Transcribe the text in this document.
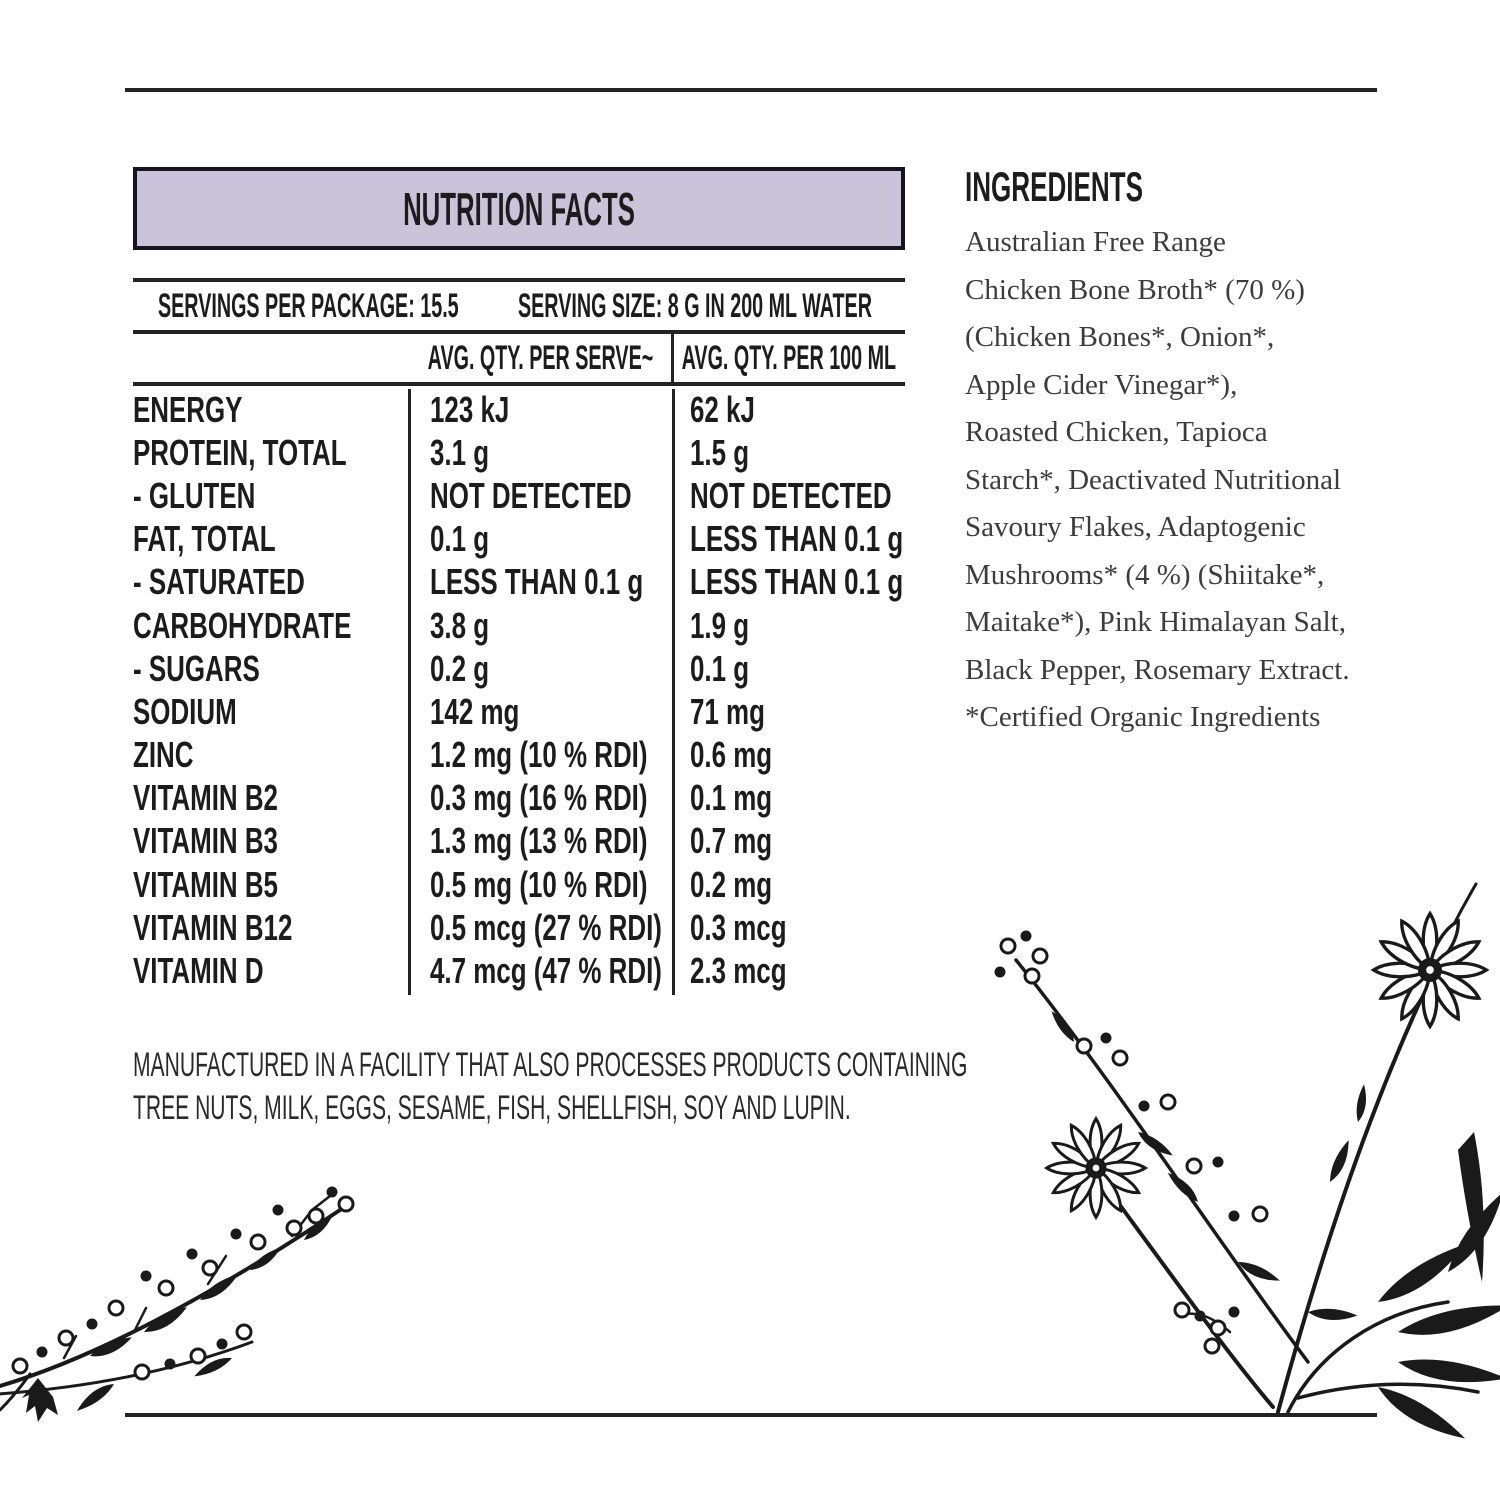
NUTRITION FACTS
SERVINGS PER PACKAGE: 15.5 SERVING SIZE: 8 G IN 200 ML WATER
AVG. QTY. PER SERVE~ AVG. QTY. PER 100 ML
ENERGY	123 kJ	62 kJ
PROTEIN, TOTAL 3.1 g	1.5 g
- GLUTEN	NOT DETECTED NOT DETECTED
FAT, TOTAL	0.1 g	LESS THAN 0.1 g
- SATURATED	LESS THAN 0.1 g LESS THAN 0.1 g
CARBOHYDRATE 3.8 g	1.9 g
- SUGARS	0.2 g	0.1 g
SODIUM	142 mg	71 mg
ZINC	1.2 mg (10 % RDI) 0.6 mg
VITAMIN B2	0.3 mg (16 % RDI) 0.1 mg
VITAMIN B3	1.3 mg (13 % RDI) 0.7 mg
VITAMIN B5	0.5 mg (10 % RDI) 0.2 mg
VITAMIN B12	0.5 mcg (27 % RDI) 0.3 mcg
VITAMIN D	4.7 mcg (47 % RDI) 2.3 mcg
MANUFACTURED IN A FACILITY THAT ALSO PROCESSES PRODUCTS CONTAINING
TREE NUTS, MILK, EGGS, SESAME, FISH, SHELLFISH, SOY AND LUPIN.
INGREDIENTS
Australian Free Range
Chicken Bone Broth* (70 %)
(Chicken Bones*, Onion*,
Apple Cider Vinegar*),
Roasted Chicken, Tapioca
Starch*, Deactivated Nutritional
Savoury Flakes, Adaptogenic
Mushrooms* (4 %) (Shiitake*,
Maitake*), Pink Himalayan Salt,
Black Pepper, Rosemary Extract.
*Certified Organic Ingredients
